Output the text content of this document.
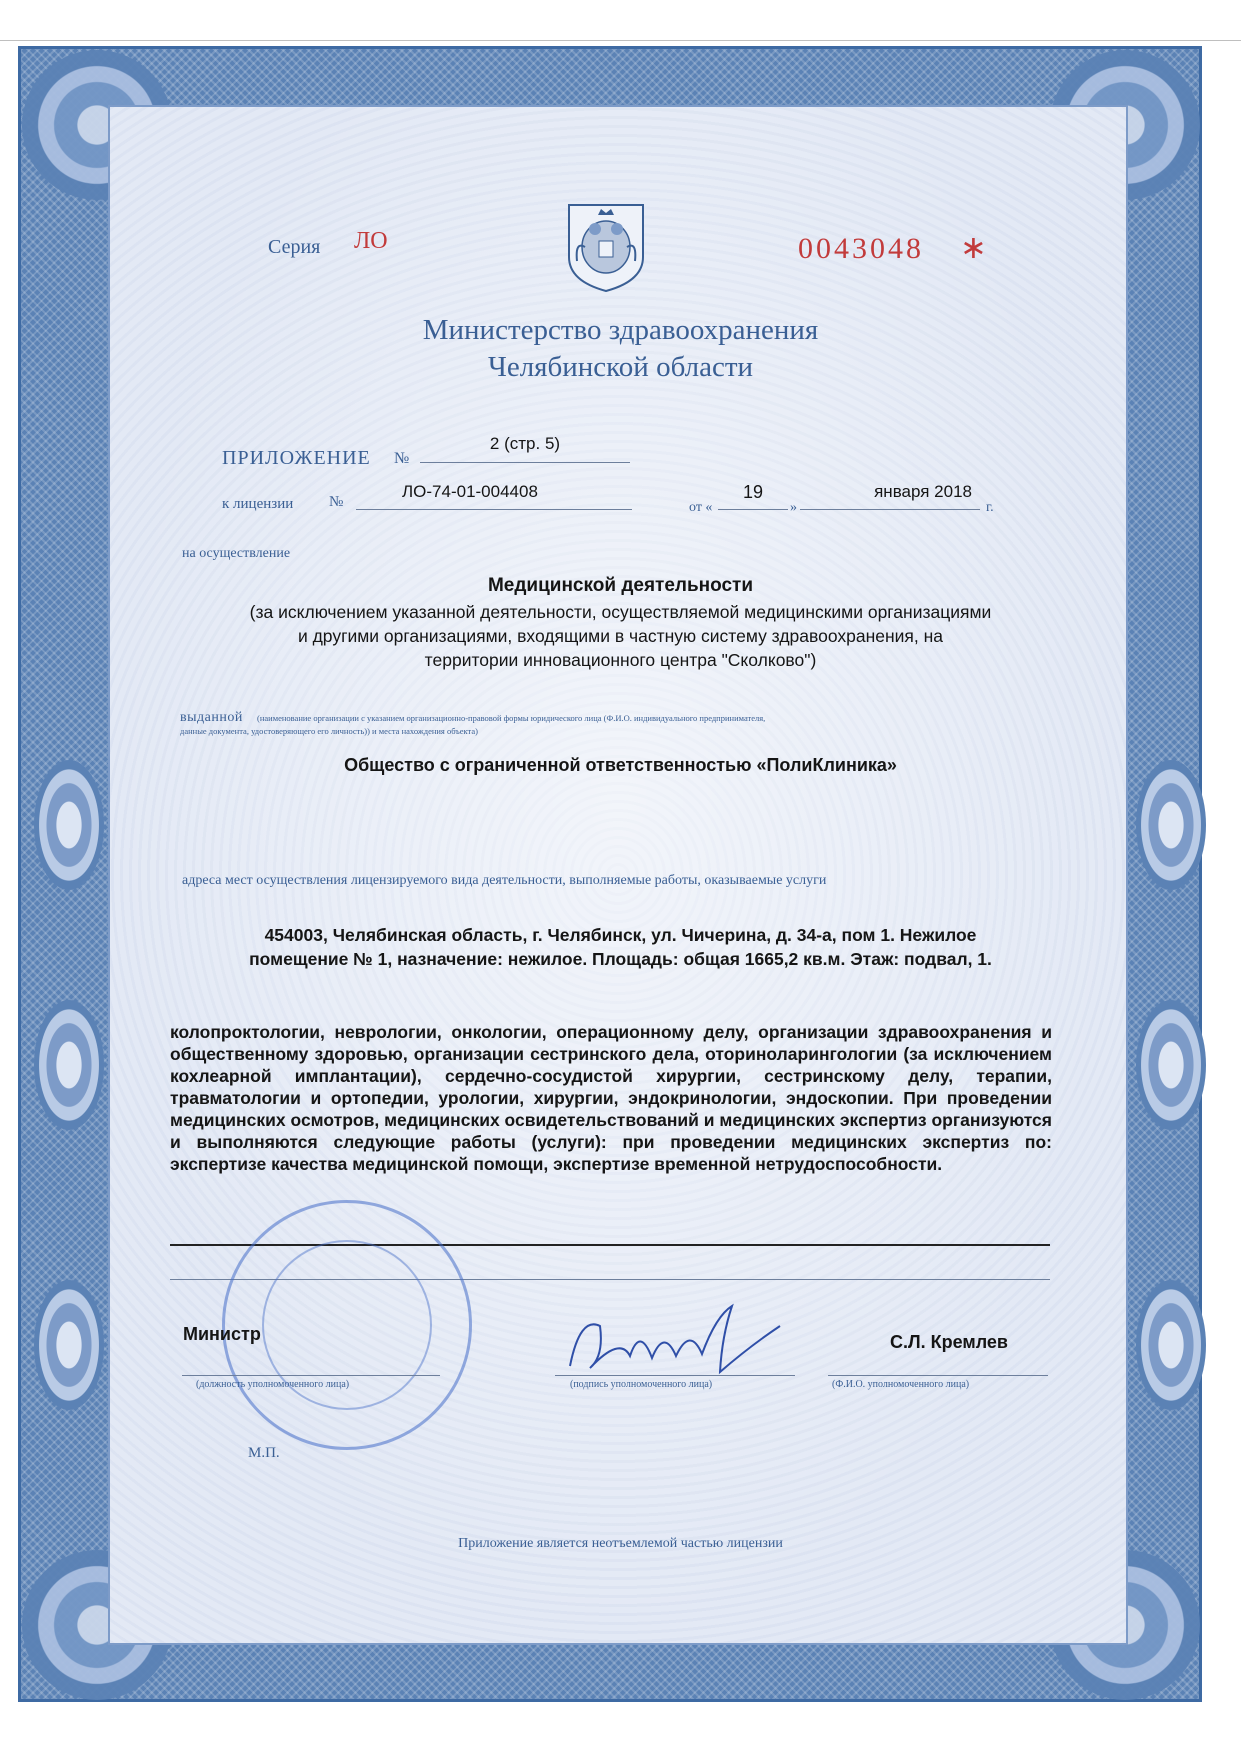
Серия ЛО	0043048 ∗
Министерство здравоохранения
Челябинской области
ПРИЛОЖЕНИЕ №
2 (стр. 5)
к лицензии №
ЛО-74-01-004408
от «
19
»
января 2018
г.
на осуществление
Медицинской деятельности
(за исключением указанной деятельности, осуществляемой медицинскими организациями
и другими организациями, входящими в частную систему здравоохранения, на
территории инновационного центра "Сколково")
выданной (наименование организации с указанием организационно-правовой формы юридического лица (Ф.И.О. индивидуального предпринимателя,
данные документа, удостоверяющего его личность)) и места нахождения объекта)
Общество с ограниченной ответственностью «ПолиКлиника»
адреса мест осуществления лицензируемого вида деятельности, выполняемые работы, оказываемые услуги
454003, Челябинская область, г. Челябинск, ул. Чичерина, д. 34-а, пом 1. Нежилое
помещение № 1, назначение: нежилое. Площадь: общая 1665,2 кв.м. Этаж: подвал, 1.
колопроктологии, неврологии, онкологии, операционному делу, организации здравоохранения и общественному здоровью, организации сестринского дела, оториноларингологии (за исключением кохлеарной имплантации), сердечно-сосудистой хирургии, сестринскому делу, терапии, травматологии и ортопедии, урологии, хирургии, эндокринологии, эндоскопии. При проведении медицинских осмотров, медицинских освидетельствований и медицинских экспертиз организуются и выполняются следующие работы (услуги): при проведении медицинских экспертиз по: экспертизе качества медицинской помощи, экспертизе временной нетрудоспособности.
Министр
(должность уполномоченного лица)	(подпись уполномоченного лица)
С.Л. Кремлев
(Ф.И.О. уполномоченного лица)
М.П.
Приложение является неотъемлемой частью лицензии
